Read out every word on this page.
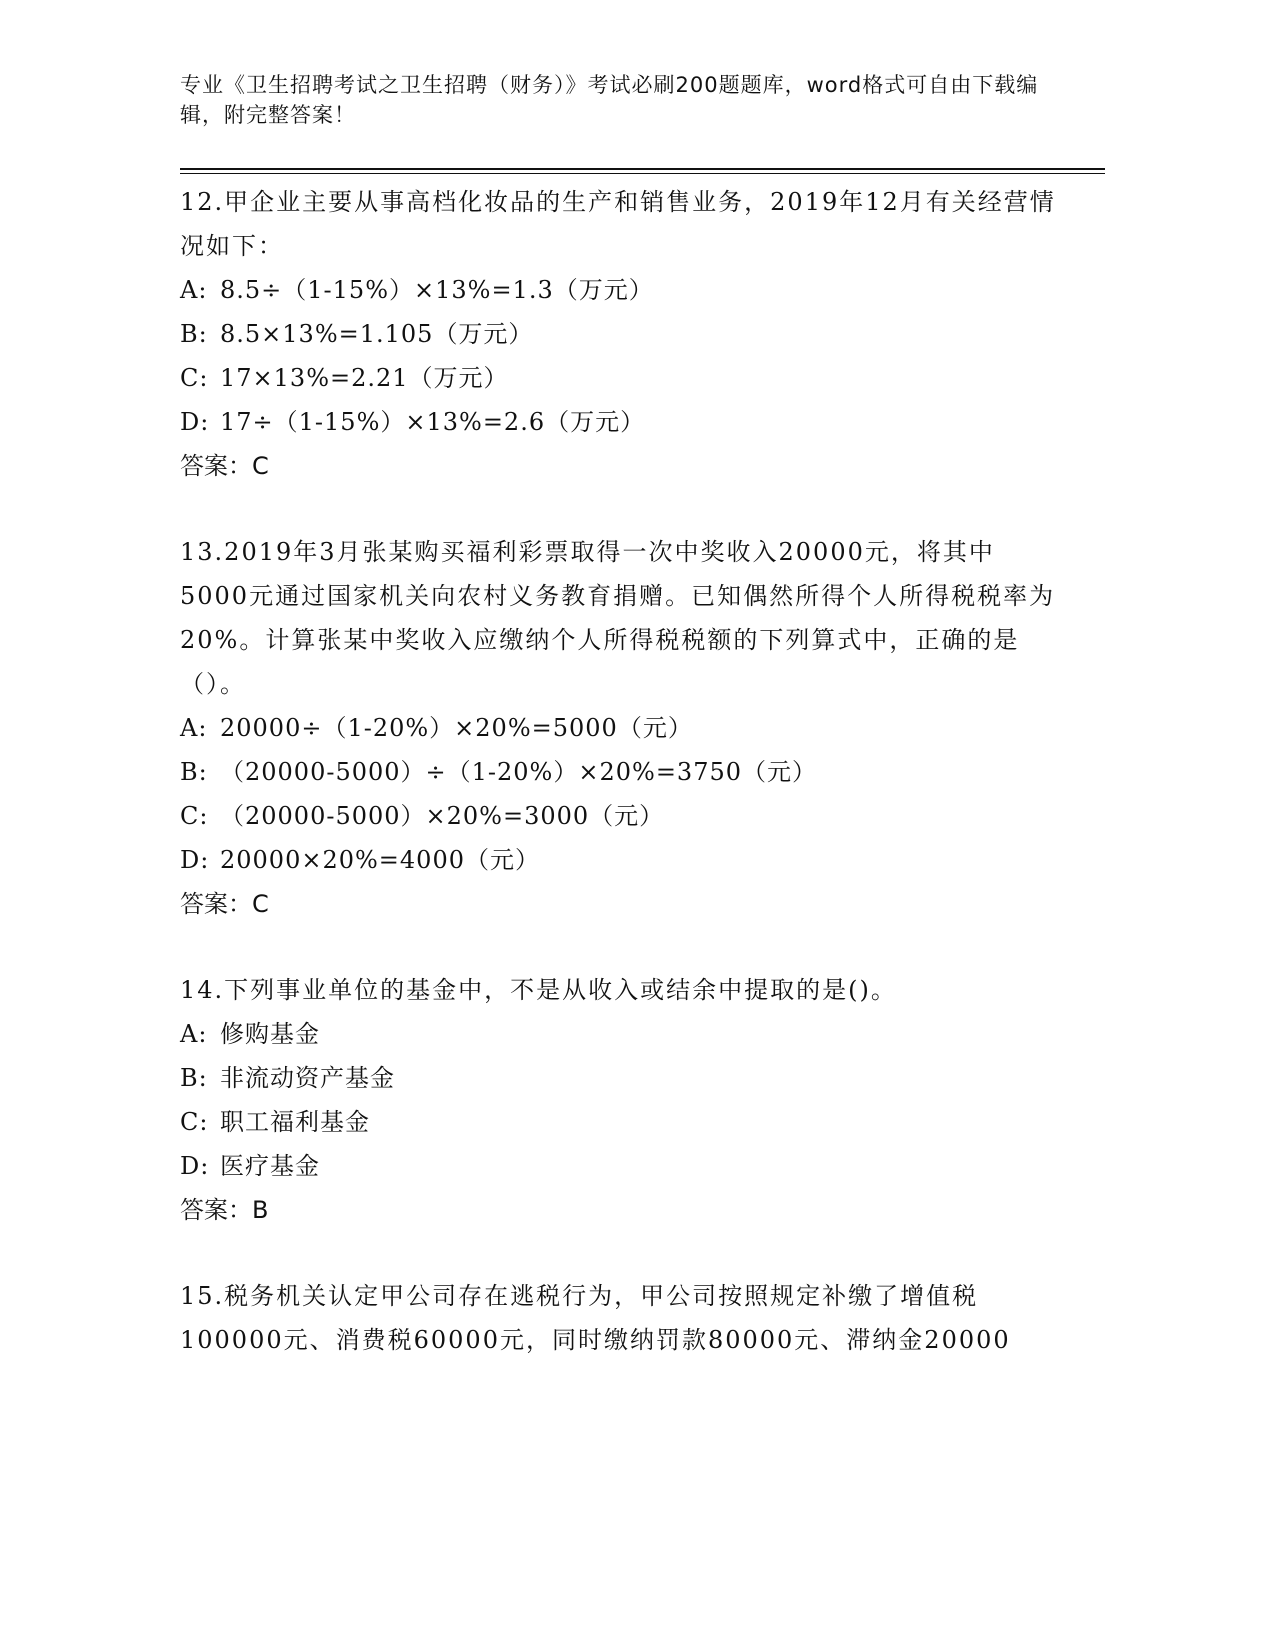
专业《卫生招聘考试之卫生招聘（财务）》考试必刷200题题库，word格式可自由下载编辑，附完整答案！

12.甲企业主要从事高档化妆品的生产和销售业务，2019年12月有关经营情况如下：

A: 8.5÷（1-15%）×13%=1.3（万元）

B: 8.5×13%=1.105（万元）

C: 17×13%=2.21（万元）

D: 17÷（1-15%）×13%=2.6（万元）

答案：C

13.2019年3月张某购买福利彩票取得一次中奖收入20000元，将其中5000元通过国家机关向农村义务教育捐赠。已知偶然所得个人所得税税率为20%。计算张某中奖收入应缴纳个人所得税税额的下列算式中，正确的是（）。

A: 20000÷（1-20%）×20%=5000（元）

B: （20000-5000）÷（1-20%）×20%=3750（元）

C: （20000-5000）×20%=3000（元）

D: 20000×20%=4000（元）

答案：C

14.下列事业单位的基金中，不是从收入或结余中提取的是()。

A: 修购基金

B: 非流动资产基金

C: 职工福利基金

D: 医疗基金

答案：B

15.税务机关认定甲公司存在逃税行为，甲公司按照规定补缴了增值税100000元、消费税60000元，同时缴纳罚款80000元、滞纳金20000
